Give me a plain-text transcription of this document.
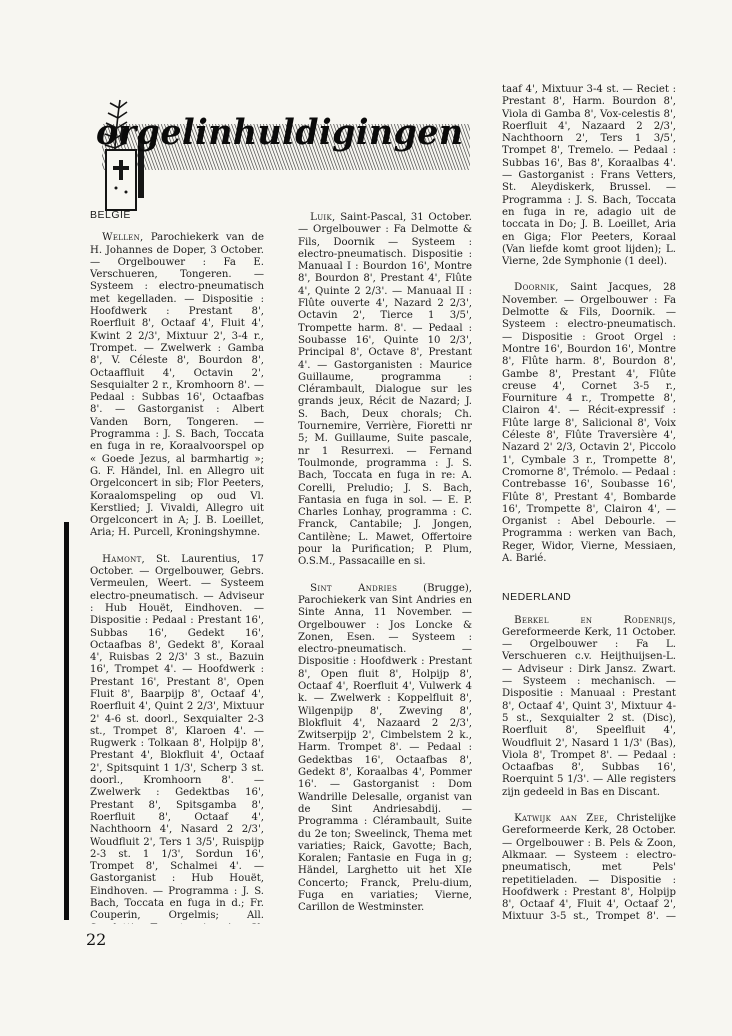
orgelinhuldigingen
BELGIE

Wellen, Parochiekerk van de H. Johannes de Doper, 3 October. — Orgelbouwer : Fa E. Verschueren, Tongeren. — Systeem : electro-pneumatisch met kegelladen. — Dispositie : Hoofdwerk : Prestant 8', Roerfluit 8', Octaaf 4', Fluit 4', Kwint 2 2/3', Mixtuur 2', 3-4 r., Trompet. — Zwelwerk : Gamba 8', V. Céleste 8', Bourdon 8', Octaaffluit 4', Octavin 2', Sesquialter 2 r., Kromhoorn 8'. — Pedaal : Subbas 16', Octaafbas 8'. — Gastorganist : Albert Vanden Born, Tongeren. — Programma : J. S. Bach, Toccata en fuga in re, Koraalvoorspel op « Goede Jezus, al barmhartig »; G. F. Händel, Inl. en Allegro uit Orgelconcert in sib; Flor Peeters, Koraalomspeling op oud Vl. Kerstlied; J. Vivaldi, Allegro uit Orgelconcert in A; J. B. Loeillet, Aria; H. Purcell, Kroningshymne.

Hamont, St. Laurentius, 17 October. — Orgelbouwer, Gebrs. Vermeulen, Weert. — Systeem electro-pneumatisch. — Adviseur : Hub Houët, Eindhoven. — Dispositie : Pedaal : Prestant 16', Subbas 16', Gedekt 16', Octaafbas 8', Gedekt 8', Koraal 4', Ruisbas 2 2/3' 3 st., Bazuin 16', Trompet 4'. — Hoofdwerk : Prestant 16', Prestant 8', Open Fluit 8', Baarpijp 8', Octaaf 4', Roerfluit 4', Quint 2 2/3', Mixtuur 2' 4-6 st. doorl., Sexquialter 2-3 st., Trompet 8', Klaroen 4'. — Rugwerk : Tolkaan 8', Holpijp 8', Prestant 4', Blokfluit 4', Octaaf 2', Spitsquint 1 1/3', Scherp 3 st. doorl., Kromhoorn 8'. — Zwelwerk : Gedektbas 16', Prestant 8', Spitsgamba 8', Roerfluit 8', Octaaf 4', Nachthoorn 4', Nasard 2 2/3', Woudfluit 2', Ters 1 3/5', Ruispijp 2-3 st. 1 1/3', Sordun 16', Trompet 8', Schalmei 4'. — Gastorganist : Hub Houët, Eindhoven. — Programma : J. S. Bach, Toccata en fuga in d.; Fr. Couperin, Orgelmis; All.

Luik, Saint-Pascal, 31 October. — Orgelbouwer : Fa Delmotte & Fils, Doornik — Systeem : electro-pneumatisch. Dispositie : Manuaal I : Bourdon 16', Montre 8', Bourdon 8', Prestant 4', Flûte 4', Quinte 2 2/3'. — Manuaal II : Flûte ouverte 4', Nazard 2 2/3', Octavin 2', Tierce 1 3/5', Trompette harm. 8'. — Pedaal : Soubasse 16', Quinte 10 2/3', Principal 8', Octave 8', Prestant 4'. — Gastorganisten : Maurice Guillaume, programma : Clérambault, Dialogue sur les grands jeux, Récit de Nazard; J. S. Bach, Deux chorals; Ch. Tournemire, Verrière, Fioretti nr 5; M. Guillaume, Suite pascale, nr 1 Resurrexi. — Fernand Toulmonde, programma : J. S. Bach, Toccata en fuga in re: A. Corelli, Preludio; J. S. Bach, Fantasia en fuga in sol. — E. P. Charles Lonhay, programma : C. Franck, Cantabile; J. Jongen, Cantilène; L. Mawet, Offertoire pour la Purification; P. Plum, O.S.M., Passacaille en si.

Sint Andries (Brugge), Parochiekerk van Sint Andries en Sinte Anna, 11 November. — Orgelbouwer : Jos Loncke & Zonen, Esen. — Systeem : electro-pneumatisch. — Dispositie : Hoofdwerk : Prestant 8', Open fluit 8', Holpijp 8', Octaaf 4', Roerfluit 4', Vulwerk 4 k. — Zwelwerk : Koppelfluit 8', Wilgenpijp 8', Zweving 8', Blokfluit 4', Nazaard 2 2/3', Zwitserpijp 2', Cimbelstem 2 k., Harm. Trompet 8'. — Pedaal : Gedektbas 16', Octaafbas 8', Gedekt 8', Koraalbas 4', Pommer 16'. — Gastorganist : Dom Wandrille Delesalle, organist van de Sint Andriesabdij. — Programma : Clérambault, Suite du 2e ton; Sweelinck, Thema met variaties; Raick, Gavotte; Bach, Koralen; Fantasie en Fuga in g; Händel, Larghetto uit het XIe Concerto; Franck, Prelu-dium, Fuga en variaties; Vierne, Carillon de Westminster.

taaf 4', Mixtuur 3-4 st. — Reciet : Prestant 8', Harm. Bourdon 8', Viola di Gamba 8', Vox-celestis 8', Roerfluit 4', Nazaard 2 2/3', Nachthoorn 2', Ters 1 3/5', Trompet 8', Tremelo. — Pedaal : Subbas 16', Bas 8', Koraalbas 4'. — Gastorganist : Frans Vetters, St. Aleydiskerk, Brussel. — Programma : J. S. Bach, Toccata en fuga in re, adagio uit de toccata in Do; J. B. Loeillet, Aria en Giga; Flor Peeters, Koraal (Van liefde komt groot lijden); L. Vierne, 2de Symphonie (1 deel).

Doornik, Saint Jacques, 28 November. — Orgelbouwer : Fa Delmotte & Fils, Doornik. — Systeem : electro-pneumatisch. — Dispositie : Groot Orgel : Montre 16', Bourdon 16', Montre 8', Flûte harm. 8', Bourdon 8', Gambe 8', Prestant 4', Flûte creuse 4', Cornet 3-5 r., Fourniture 4 r., Trompette 8', Clairon 4'. — Récit-expressif : Flûte large 8', Salicional 8', Voix Céleste 8', Flûte Traversière 4', Nazard 2' 2/3, Octavin 2', Piccolo 1', Cymbale 3 r., Trompette 8', Cromorne 8', Trémolo. — Pedaal : Contrebasse 16', Soubasse 16', Flûte 8', Prestant 4', Bombarde 16', Trompette 8', Clairon 4', — Organist : Abel Debourle. — Programma : werken van Bach, Reger, Widor, Vierne, Messiaen, A. Barié.

NEDERLAND

Berkel en Rodenrijs, Gereformeerde Kerk, 11 October. — Orgelbouwer : Fa L. Verschueren c.v. Heijthuijsen-L. — Adviseur : Dirk Jansz. Zwart. — Systeem : mechanisch. — Dispositie : Manuaal : Prestant 8', Octaaf 4', Quint 3', Mixtuur 4-5 st., Sexquialter 2 st. (Disc), Roerfluit 8', Speelfluit 4', Woudfluit 2', Nasard 1 1/3' (Bas), Viola 8', Trompet 8'. — Pedaal : Octaafbas 8', Subbas 16', Roerquint 5 1/3'. — Alle registers zijn gedeeld in Bas en Discant.

Katwijk aan Zee, Christelijke Gereformeerde Kerk, 28 October. — Orgelbouwer : B. Pels & Zoon, Alkmaar. — Systeem : electro-pneumatisch, met Pels' repetitieladen. — Dispositie : Hoofdwerk : Prestant 8', Holpijp 8', Octaaf 4', Fluit 4', Octaaf 2', Mixtuur 3-5 st., Trompet 8'. —

22
